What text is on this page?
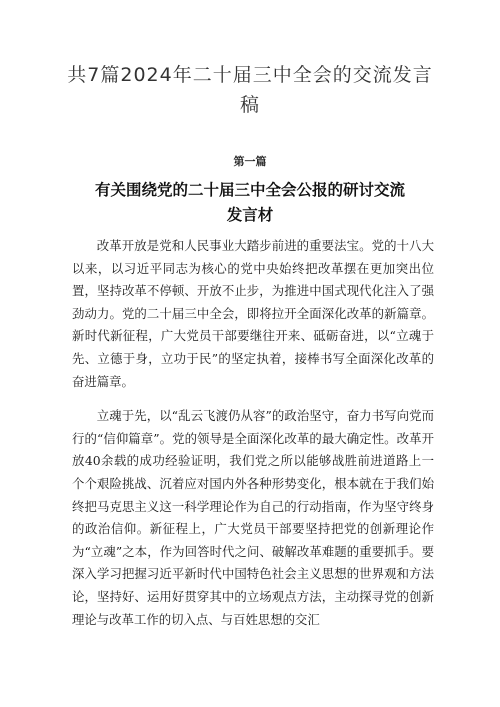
共7篇2024年二十届三中全会的交流发言稿
第一篇
有关围绕党的二十届三中全会公报的研讨交流发言材

改革开放是党和人民事业大踏步前进的重要法宝。党的十八大以来，以习近平同志为核心的党中央始终把改革摆在更加突出位置，坚持改革不停顿、开放不止步，为推进中国式现代化注入了强劲动力。党的二十届三中全会，即将拉开全面深化改革的新篇章。新时代新征程，广大党员干部要继往开来、砥砺奋进，以“立魂于先、立德于身，立功于民”的坚定执着，接棒书写全面深化改革的奋进篇章。

立魂于先，以“乱云飞渡仍从容”的政治坚守，奋力书写向党而行的“信仰篇章”。党的领导是全面深化改革的最大确定性。改革开放40余载的成功经验证明，我们党之所以能够战胜前进道路上一个个艰险挑战、沉着应对国内外各种形势变化，根本就在于我们始终把马克思主义这一科学理论作为自己的行动指南，作为坚守终身的政治信仰。新征程上，广大党员干部要坚持把党的创新理论作为“立魂”之本，作为回答时代之问、破解改革难题的重要抓手。要深入学习把握习近平新时代中国特色社会主义思想的世界观和方法论，坚持好、运用好贯穿其中的立场观点方法，主动探寻党的创新理论与改革工作的切入点、与百姓思想的交汇
